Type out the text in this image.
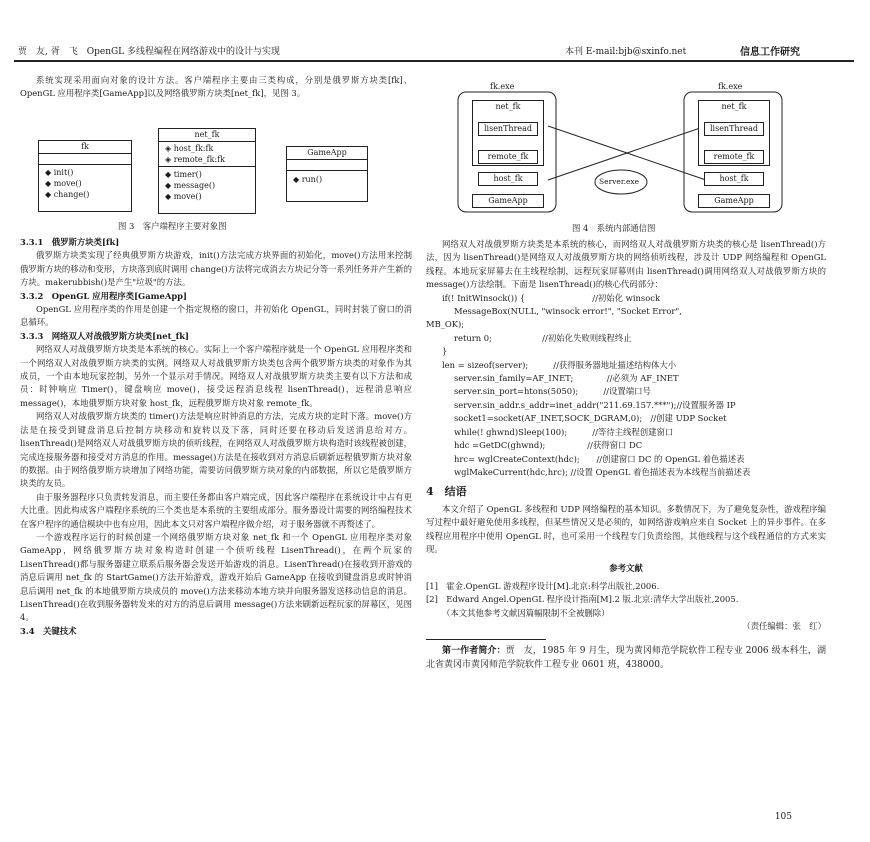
贾　友, 胥　飞　OpenGL 多线程编程在网络游戏中的设计与实现	本刊 E-mail:bjb@sxinfo.net	信息工作研究

系统实现采用面向对象的设计方法。客户端程序主要由三类构成，分别是俄罗斯方块类[fk]、OpenGL 应用程序类[GameApp]以及网络俄罗斯方块类[net_fk]，见图 3。

fk
◆ init()
◆ move()
◆ change()
net_fk
◈ host_fk:fk
◈ remote_fk:fk
◆ timer()
◆ message()
◆ move()
GameApp
◆ run()
图 3　客户端程序主要对象图

3.3.1　俄罗斯方块类[fk]

俄罗斯方块类实现了经典俄罗斯方块游戏，init()方法完成方块界面的初始化，move()方法用来控制俄罗斯方块的移动和变形，方块落到底时调用 change()方法将完成消去方块记分等一系列任务并产生新的方块。makerubbish()是产生"垃圾"的方法。

3.3.2　OpenGL 应用程序类[GameApp]

OpenGL 应用程序类的作用是创建一个指定规格的窗口，并初始化 OpenGL，同时封装了窗口的消息循环。

3.3.3　网络双人对战俄罗斯方块类[net_fk]

网络双人对战俄罗斯方块类是本系统的核心。实际上一个客户端程序就是一个 OpenGL 应用程序类和一个网络双人对战俄罗斯方块类的实例。网络双人对战俄罗斯方块类包含两个俄罗斯方块类的对象作为其成员，一个由本地玩家控制，另外一个显示对手情况。网络双人对战俄罗斯方块类主要有以下方法和成员：时钟响应 Timer()，键盘响应 move()，接受远程消息线程 lisenThread()，远程消息响应 message()，本地俄罗斯方块对象 host_fk，远程俄罗斯方块对象 remote_fk。

网络双人对战俄罗斯方块类的 timer()方法是响应时钟消息的方法，完成方块的定时下落。move()方法是在接受到键盘消息后控制方块移动和旋转以及下落，同时还要在移动后发送消息给对方。lisenThread()是网络双人对战俄罗斯方块的侦听线程，在网络双人对战俄罗斯方块构造时该线程被创建，完成连接服务器和接受对方消息的作用。message()方法是在接收到对方消息后刷新远程俄罗斯方块对象的数据。由于网络俄罗斯方块增加了网络功能，需要访问俄罗斯方块对象的内部数据，所以它是俄罗斯方块类的友员。

由于服务器程序只负责转发消息，而主要任务都由客户端完成，因此客户端程序在系统设计中占有更大比重。因此构成客户端程序系统的三个类也是本系统的主要组成部分。服务器设计需要的网络编程技术在客户程序的通信模块中也有应用，因此本文只对客户端程序做介绍，对于服务器就不再赘述了。

一个游戏程序运行的时候创建一个网络俄罗斯方块对象 net_fk 和一个 OpenGL 应用程序类对象 GameApp，网络俄罗斯方块对象构造时创建一个侦听线程 LisenThread()，在两个玩家的 LisenThread()都与服务器建立联系后服务器会发送开始游戏的消息。LisenThread()在接收到开游戏的消息后调用 net_fk 的 StartGame()方法开始游戏，游戏开始后 GameApp 在接收到键盘消息或时钟消息后调用 net_fk 的本地俄罗斯方块成员的 move()方法来移动本地方块并向服务器发送移动信息的消息。LisenThread()在收到服务器转发来的对方的消息后调用 message()方法来刷新远程玩家的屏幕区，见图 4。

3.4　关键技术

fk.exe
net_fk
lisenThread
remote_fk
host_fk
GameApp
fk.exe
net_fk
lisenThread
remote_fk
host_fk
GameApp
Server.exe
图 4　系统内部通信图

网络双人对战俄罗斯方块类是本系统的核心，而网络双人对战俄罗斯方块类的核心是 lisenThread()方法，因为 lisenThread()是网络双人对战俄罗斯方块的网络侦听线程，涉及计 UDP 网络编程和 OpenGL 线程。本地玩家屏幕去在主线程绘制，远程玩家屏幕则由 lisenThread()调用网络双人对战俄罗斯方块的 message()方法绘制。下面是 lisenThread()的核心代码部分：

if(! InitWinsock()) {　　　　　　　　//初始化 winsock

MessageBox(NULL, "winsock error!", "Socket Error",

MB_OK);

return 0;　　　　　　//初始化失败则线程终止

}

len = sizeof(server);　　　//获得服务器地址描述结构体大小

server.sin_family=AF_INET;　　　　//必须为 AF_INET

server.sin_port=htons(5050);　　　//设置端口号

server.sin_addr.s_addr=inet_addr("211.69.157.***");//设置服务器 IP

socket1=socket(AF_INET,SOCK_DGRAM,0);　//创建 UDP Socket

while(! ghwnd)Sleep(100);　　　//等待主线程创建窗口

hdc =GetDC(ghwnd);　　　　　//获得窗口 DC

hrc= wglCreateContext(hdc);　　//创建窗口 DC 的 OpenGL 着色描述表

wglMakeCurrent(hdc,hrc); //设置 OpenGL 着色描述表为本线程当前描述表

4　结语

本文介绍了 OpenGL 多线程和 UDP 网络编程的基本知识。多数情况下，为了避免复杂性，游戏程序编写过程中最好避免使用多线程，但某些情况又是必须的，如网络游戏响应来自 Socket 上的异步事件。在多线程应用程序中使用 OpenGL 时，也可采用一个线程专门负责绘图，其他线程与这个线程通信的方式来实现。

参考文献

[1]　霍金.OpenGL 游戏程序设计[M].北京:科学出版社,2006.

[2]　Edward Angel.OpenGL 程序设计指南[M].2 版.北京:清华大学出版社,2005.

（本文其他参考文献因篇幅限制不全被删除）

（责任编辑：张　红）

第一作者简介：贾　友，1985 年 9 月生，现为黄冈师范学院软件工程专业 2006 级本科生，湖北省黄冈市黄冈师范学院软件工程专业 0601 班，438000。

105
